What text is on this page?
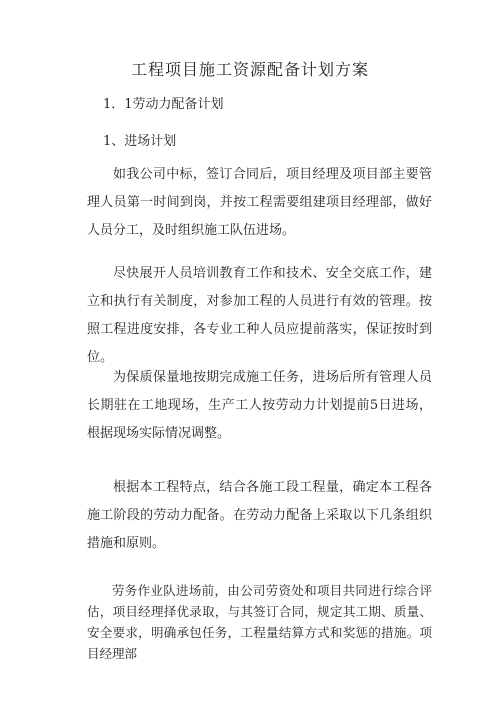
工程项目施工资源配备计划方案
1．1劳动力配备计划
1、进场计划

如我公司中标，签订合同后，项目经理及项目部主要管理人员第一时间到岗，并按工程需要组建项目经理部，做好人员分工，及时组织施工队伍进场。

尽快展开人员培训教育工作和技术、安全交底工作，建立和执行有关制度，对参加工程的人员进行有效的管理。按照工程进度安排，各专业工种人员应提前落实，保证按时到位。

为保质保量地按期完成施工任务，进场后所有管理人员长期驻在工地现场，生产工人按劳动力计划提前5日进场，根据现场实际情况调整。

根据本工程特点，结合各施工段工程量，确定本工程各施工阶段的劳动力配备。在劳动力配备上采取以下几条组织措施和原则。

劳务作业队进场前，由公司劳资处和项目共同进行综合评估，项目经理择优录取，与其签订合同，规定其工期、质量、安全要求，明确承包任务，工程量结算方式和奖惩的措施。项目经理部
